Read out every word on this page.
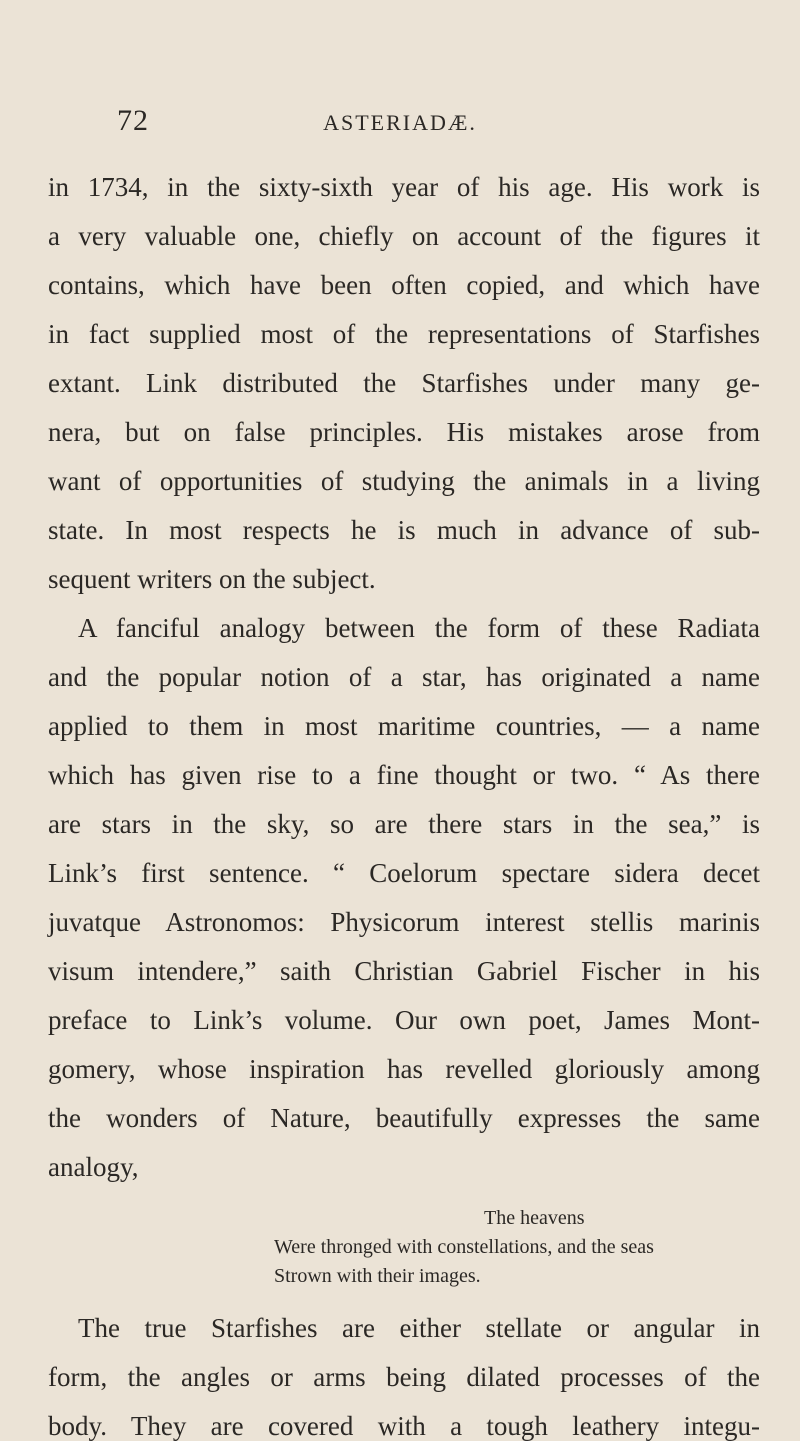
72	ASTERIADÆ.
in 1734, in the sixty-sixth year of his age. His work is
a very valuable one, chiefly on account of the figures it
contains, which have been often copied, and which have
in fact supplied most of the representations of Starfishes
extant. Link distributed the Starfishes under many ge-
nera, but on false principles. His mistakes arose from
want of opportunities of studying the animals in a living
state. In most respects he is much in advance of sub-
sequent writers on the subject.
A fanciful analogy between the form of these Radiata
and the popular notion of a star, has originated a name
applied to them in most maritime countries, — a name
which has given rise to a fine thought or two. “ As there
are stars in the sky, so are there stars in the sea,” is
Link’s first sentence. “ Coelorum spectare sidera decet
juvatque Astronomos: Physicorum interest stellis marinis
visum intendere,” saith Christian Gabriel Fischer in his
preface to Link’s volume. Our own poet, James Mont-
gomery, whose inspiration has revelled gloriously among
the wonders of Nature, beautifully expresses the same
analogy,
The heavens
Were thronged with constellations, and the seas
Strown with their images.
The true Starfishes are either stellate or angular in
form, the angles or arms being dilated processes of the
body. They are covered with a tough leathery integu-
